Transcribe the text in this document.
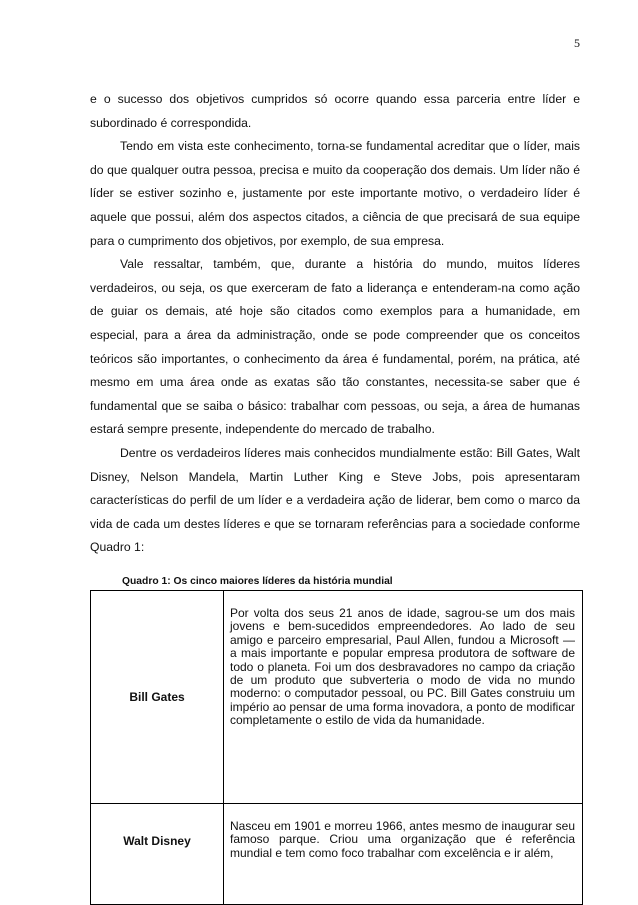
5

e o sucesso dos objetivos cumpridos só ocorre quando essa parceria entre líder e subordinado é correspondida.

Tendo em vista este conhecimento, torna-se fundamental acreditar que o líder, mais do que qualquer outra pessoa, precisa e muito da cooperação dos demais. Um líder não é líder se estiver sozinho e, justamente por este importante motivo, o verdadeiro líder é aquele que possui, além dos aspectos citados, a ciência de que precisará de sua equipe para o cumprimento dos objetivos, por exemplo, de sua empresa.

Vale ressaltar, também, que, durante a história do mundo, muitos líderes verdadeiros, ou seja, os que exerceram de fato a liderança e entenderam-na como ação de guiar os demais, até hoje são citados como exemplos para a humanidade, em especial, para a área da administração, onde se pode compreender que os conceitos teóricos são importantes, o conhecimento da área é fundamental, porém, na prática, até mesmo em uma área onde as exatas são tão constantes, necessita-se saber que é fundamental que se saiba o básico: trabalhar com pessoas, ou seja, a área de humanas estará sempre presente, independente do mercado de trabalho.

Dentre os verdadeiros líderes mais conhecidos mundialmente estão: Bill Gates, Walt Disney, Nelson Mandela, Martin Luther King e Steve Jobs, pois apresentaram características do perfil de um líder e a verdadeira ação de liderar, bem como o marco da vida de cada um destes líderes e que se tornaram referências para a sociedade conforme Quadro 1:

Quadro 1: Os cinco maiores líderes da história mundial
Bill Gates	Por volta dos seus 21 anos de idade, sagrou-se um dos mais jovens e bem-sucedidos empreendedores. Ao lado de seu amigo e parceiro empresarial, Paul Allen, fundou a Microsoft — a mais importante e popular empresa produtora de software de todo o planeta. Foi um dos desbravadores no campo da criação de um produto que subverteria o modo de vida no mundo moderno: o computador pessoal, ou PC. Bill Gates construiu um império ao pensar de uma forma inovadora, a ponto de modificar completamente o estilo de vida da humanidade.
Walt Disney	Nasceu em 1901 e morreu 1966, antes mesmo de inaugurar seu famoso parque. Criou uma organização que é referência mundial e tem como foco trabalhar com excelência e ir além,
